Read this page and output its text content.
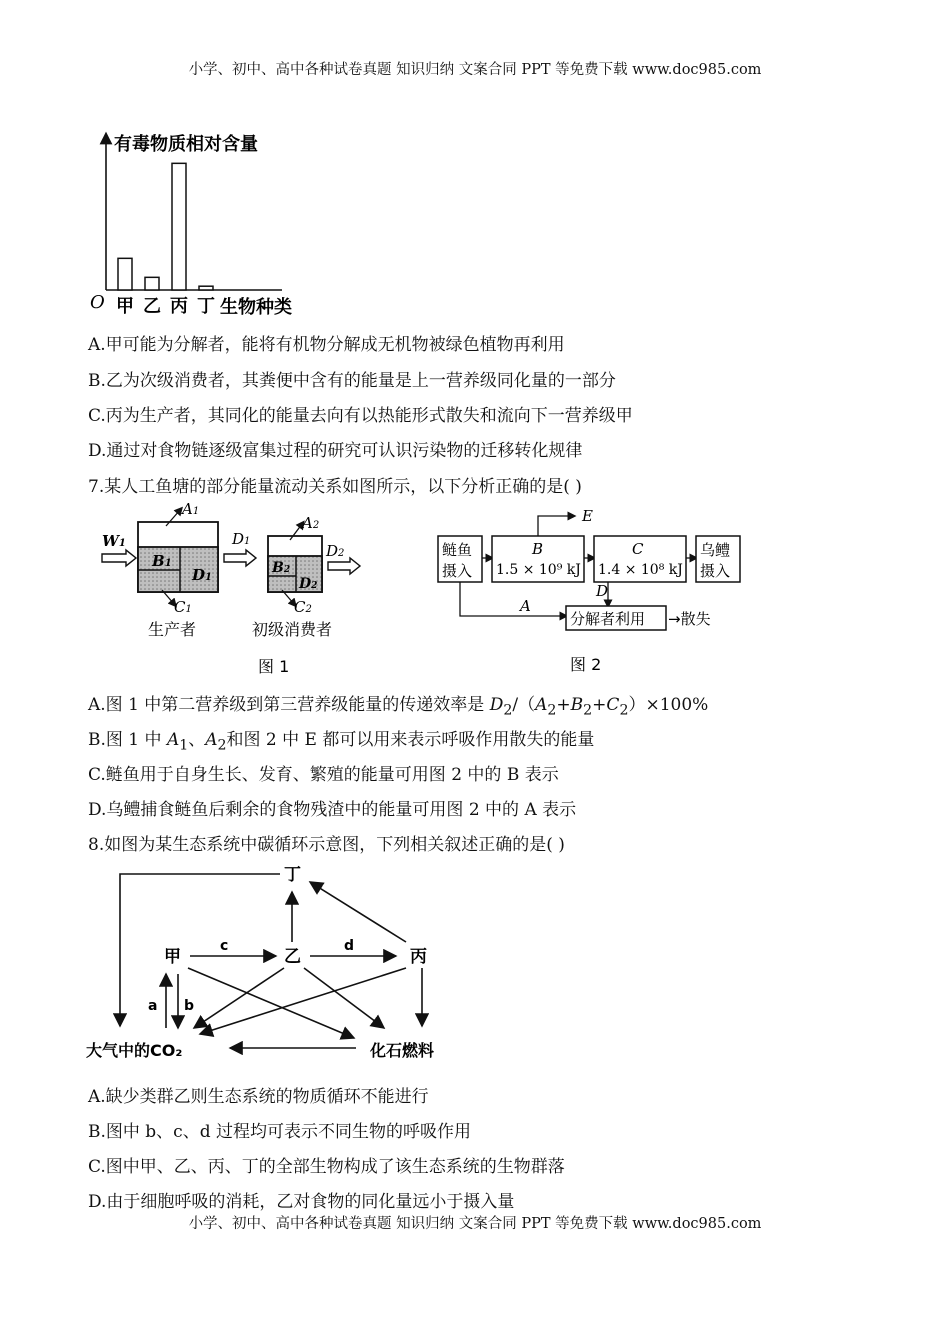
小学、初中、高中各种试卷真题 知识归纳 文案合同 PPT 等免费下载 www.doc985.com
有毒物质相对含量
O 甲 乙 丙 丁 生物种类
A.甲可能为分解者，能将有机物分解成无机物被绿色植物再利用
B.乙为次级消费者，其粪便中含有的能量是上一营养级同化量的一部分
C.丙为生产者，其同化的能量去向有以热能形式散失和流向下一营养级甲
D.通过对食物链逐级富集过程的研究可认识污染物的迁移转化规律
7.某人工鱼塘的部分能量流动关系如图所示，以下分析正确的是( )
W1
A1
B1
D1
C1
生产者
D1
A2
B2
D2
C2
初级消费者
D2
图 1
鲢鱼
摄入
B
1.5 × 10⁹ kJ
E
C
1.4 × 10⁸ kJ
乌鳢
摄入
D
A
分解者利用 →散失
图 2
A.图 1 中第二营养级到第三营养级能量的传递效率是 $D_2/(A_2+B_2+C_2)\times 100\%$
B.图 1 中 $A_1$、$A_2$和图 2 中 E 都可以用来表示呼吸作用散失的能量
C.鲢鱼用于自身生长、发育、繁殖的能量可用图 2 中的 B 表示
D.乌鳢捕食鲢鱼后剩余的食物残渣中的能量可用图 2 中的 A 表示
8.如图为某生态系统中碳循环示意图，下列相关叙述正确的是( )
丁
甲	乙	丙
c	d
a b
大气中的CO₂	化石燃料
A.缺少类群乙则生态系统的物质循环不能进行
B.图中 b、c、d 过程均可表示不同生物的呼吸作用
C.图中甲、乙、丙、丁的全部生物构成了该生态系统的生物群落
D.由于细胞呼吸的消耗，乙对食物的同化量远小于摄入量
小学、初中、高中各种试卷真题 知识归纳 文案合同 PPT 等免费下载 www.doc985.com
